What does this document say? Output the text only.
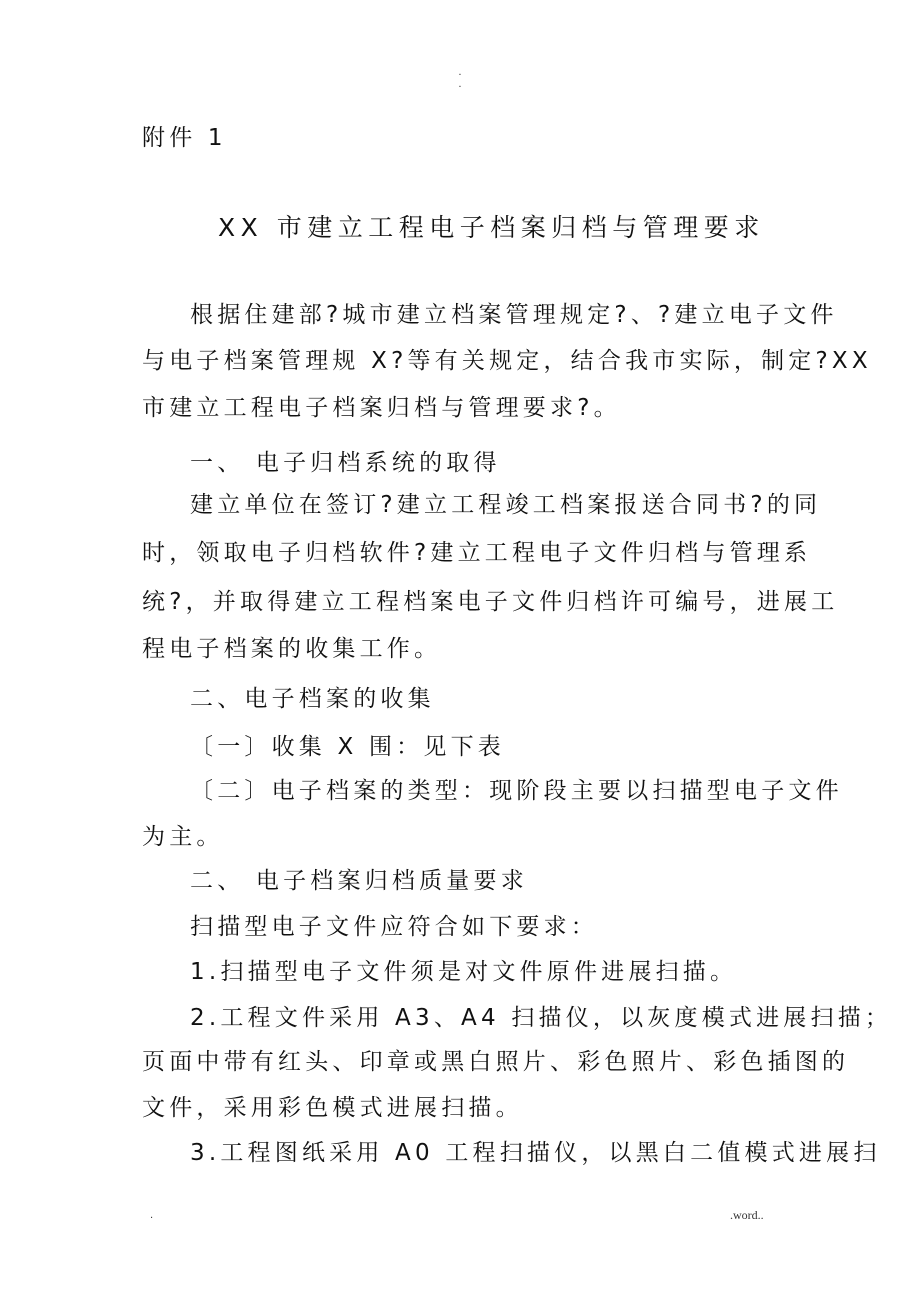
·
·
附件 1
XX 市建立工程电子档案归档与管理要求
根据住建部?城市建立档案管理规定?、?建立电子文件
与电子档案管理规 X?等有关规定，结合我市实际，制定?XX
市建立工程电子档案归档与管理要求?。
一、 电子归档系统的取得
建立单位在签订?建立工程竣工档案报送合同书?的同
时，领取电子归档软件?建立工程电子文件归档与管理系
统?，并取得建立工程档案电子文件归档许可编号，进展工
程电子档案的收集工作。
二、电子档案的收集
〔一〕收集 X 围：见下表
〔二〕电子档案的类型：现阶段主要以扫描型电子文件
为主。
二、 电子档案归档质量要求
扫描型电子文件应符合如下要求：
1.扫描型电子文件须是对文件原件进展扫描。
2.工程文件采用 A3、A4 扫描仪，以灰度模式进展扫描；
页面中带有红头、印章或黑白照片、彩色照片、彩色插图的
文件，采用彩色模式进展扫描。
3.工程图纸采用 A0 工程扫描仪，以黑白二值模式进展扫
.	.word..
